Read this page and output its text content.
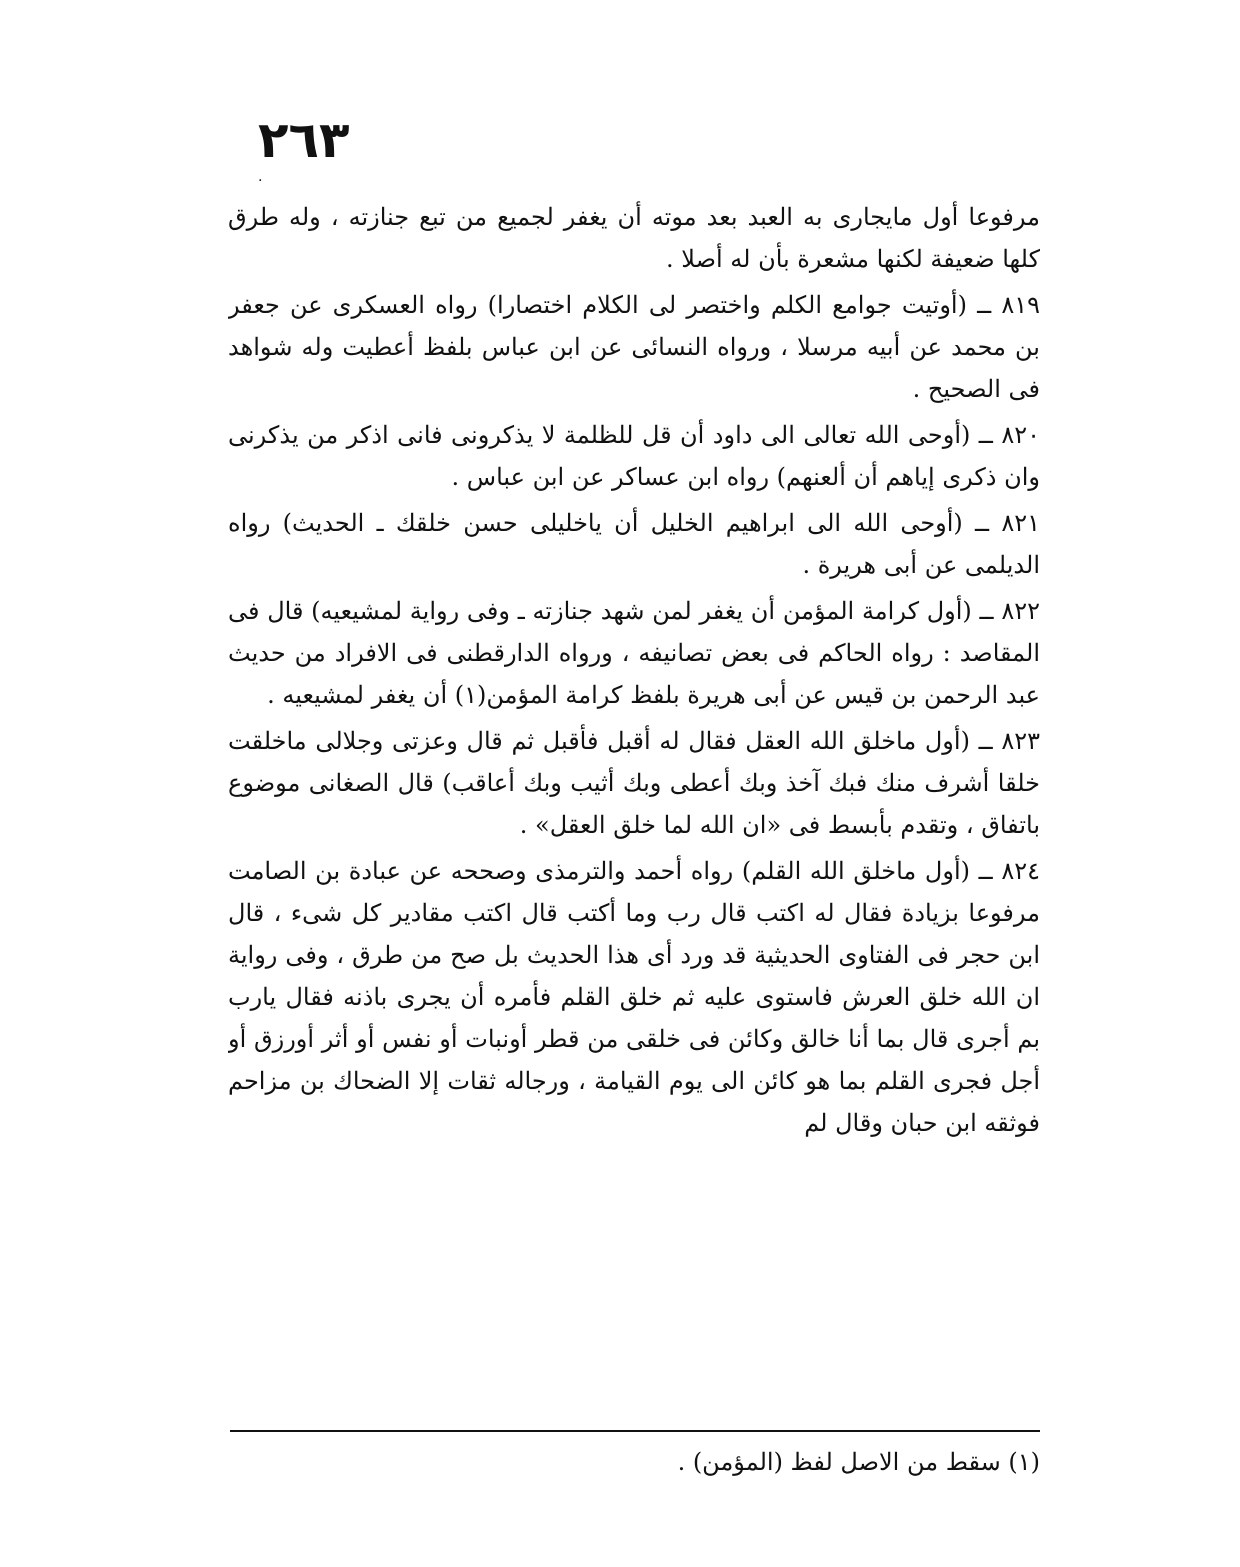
٢٦٣
.

مرفوعا أول مايجارى به العبد بعد موته أن يغفر لجميع من تبع جنازته ، وله طرق كلها ضعيفة لكنها مشعرة بأن له أصلا .

٨١٩ ــ (أوتيت جوامع الكلم واختصر لى الكلام اختصارا) رواه العسكرى عن جعفر بن محمد عن أبيه مرسلا ، ورواه النسائى عن ابن عباس بلفظ أعطيت وله شواهد فى الصحيح .

٨٢٠ ــ (أوحى الله تعالى الى داود أن قل للظلمة لا يذكرونى فانى اذكر من يذكرنى وان ذكرى إياهم أن ألعنهم) رواه ابن عساكر عن ابن عباس .

٨٢١ ــ (أوحى الله الى ابراهيم الخليل أن ياخليلى حسن خلقك ـ الحديث) رواه الديلمى عن أبى هريرة .

٨٢٢ ــ (أول كرامة المؤمن أن يغفر لمن شهد جنازته ـ وفى رواية لمشيعيه) قال فى المقاصد : رواه الحاكم فى بعض تصانيفه ، ورواه الدارقطنى فى الافراد من حديث عبد الرحمن بن قيس عن أبى هريرة بلفظ كرامة المؤمن(١) أن يغفر لمشيعيه .

٨٢٣ ــ (أول ماخلق الله العقل فقال له أقبل فأقبل ثم قال وعزتى وجلالى ماخلقت خلقا أشرف منك فبك آخذ وبك أعطى وبك أثيب وبك أعاقب) قال الصغانى موضوع باتفاق ، وتقدم بأبسط فى «ان الله لما خلق العقل» .

٨٢٤ ــ (أول ماخلق الله القلم) رواه أحمد والترمذى وصححه عن عبادة بن الصامت مرفوعا بزيادة فقال له اكتب قال رب وما أكتب قال اكتب مقادير كل شىء ، قال ابن حجر فى الفتاوى الحديثية قد ورد أى هذا الحديث بل صح من طرق ، وفى رواية ان الله خلق العرش فاستوى عليه ثم خلق القلم فأمره أن يجرى باذنه فقال يارب بم أجرى قال بما أنا خالق وكائن فى خلقى من قطر أونبات أو نفس أو أثر أورزق أو أجل فجرى القلم بما هو كائن الى يوم القيامة ، ورجاله ثقات إلا الضحاك بن مزاحم فوثقه ابن حبان وقال لم

(١) سقط من الاصل لفظ (المؤمن) .
